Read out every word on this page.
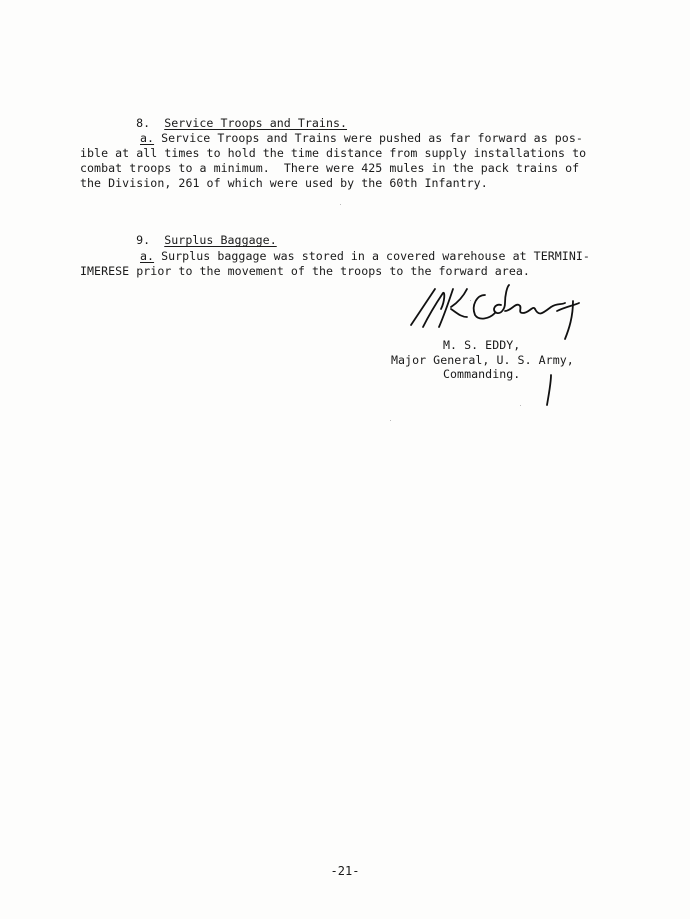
8. Service Troops and Trains.

a. Service Troops and Trains were pushed as far forward as pos-
ible at all times to hold the time distance from supply installations to
combat troops to a minimum.  There were 425 mules in the pack trains of
the Division, 261 of which were used by the 60th Infantry.

9. Surplus Baggage.

a. Surplus baggage was stored in a covered warehouse at TERMINI-
IMERESE prior to the movement of the troops to the forward area.
M. S. EDDY,
Major General, U. S. Army,
Commanding.
-21-
